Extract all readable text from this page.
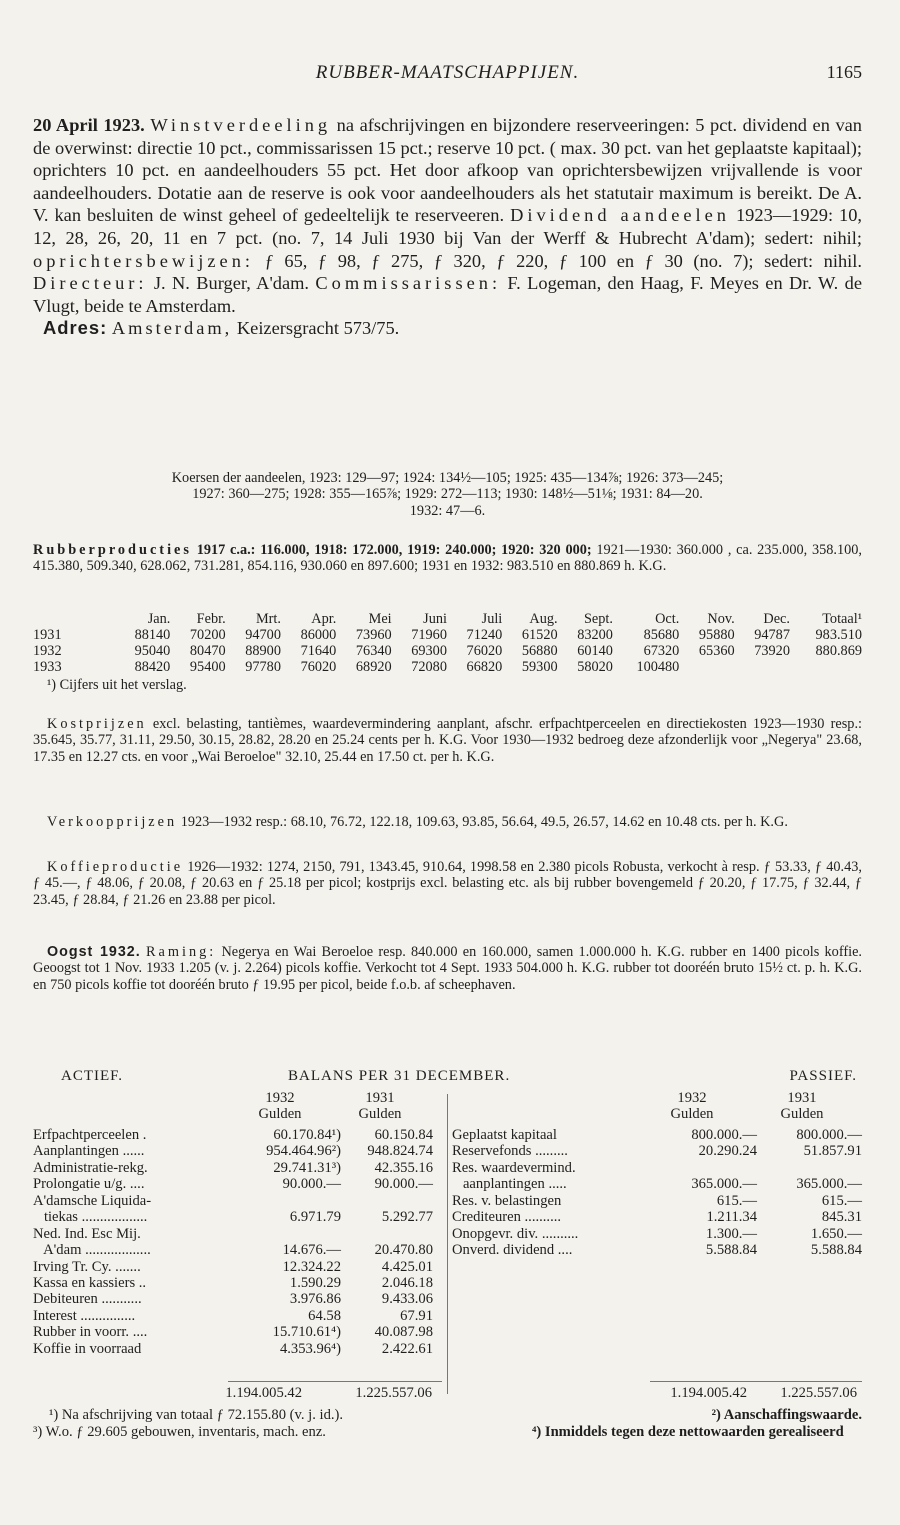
RUBBER-MAATSCHAPPIJEN.	1165

20 April 1923. Winstverdeeling na afschrijvingen en bijzondere reserveeringen: 5 pct. dividend en van de overwinst: directie 10 pct., commissarissen 15 pct.; reserve 10 pct. ( max. 30 pct. van het geplaatste kapitaal); oprichters 10 pct. en aandeelhouders 55 pct. Het door afkoop van oprichtersbewijzen vrijvallende is voor aandeelhouders. Dotatie aan de reserve is ook voor aandeelhouders als het statutair maximum is bereikt. De A. V. kan besluiten de winst geheel of gedeeltelijk te reserveeren. Dividend aandeelen 1923—1929: 10, 12, 28, 26, 20, 11 en 7 pct. (no. 7, 14 Juli 1930 bij Van der Werff & Hubrecht A'dam); sedert: nihil; oprichtersbewijzen: ƒ 65, ƒ 98, ƒ 275, ƒ 320, ƒ 220, ƒ 100 en ƒ 30 (no. 7); sedert: nihil. Directeur: J. N. Burger, A'dam. Commissarissen: F. Logeman, den Haag, F. Meyes en Dr. W. de Vlugt, beide te Amsterdam.

Adres: Amsterdam, Keizersgracht 573/75.

Koersen der aandeelen, 1923: 129—97; 1924: 134½—105; 1925: 435—134⅞; 1926: 373—245;
1927: 360—275; 1928: 355—165⅞; 1929: 272—113; 1930: 148½—51⅛; 1931: 84—20.
1932: 47—6.
Rubberproducties 1917 c.a.: 116.000, 1918: 172.000, 1919: 240.000; 1920: 320 000; 1921—1930: 360.000 , ca. 235.000, 358.100, 415.380, 509.340, 628.062, 731.281, 854.116, 930.060 en 897.600; 1931 en 1932: 983.510 en 880.869 h. K.G.
	Jan.	Febr.	Mrt.	Apr.	Mei	Juni	Juli	Aug.	Sept.	Oct.	Nov.	Dec.	Totaal¹
1931	88140	70200	94700	86000	73960	71960	71240	61520	83200	85680	95880	94787	983.510
1932	95040	80470	88900	71640	76340	69300	76020	56880	60140	67320	65360	73920	880.869
1933	88420	95400	97780	76020	68920	72080	66820	59300	58020	100480			
¹) Cijfers uit het verslag.
Kostprijzen excl. belasting, tantièmes, waardevermindering aanplant, afschr. erfpachtperceelen en directiekosten 1923—1930 resp.: 35.645, 35.77, 31.11, 29.50, 30.15, 28.82, 28.20 en 25.24 cents per h. K.G. Voor 1930—1932 bedroeg deze afzonderlijk voor „Negerya" 23.68, 17.35 en 12.27 cts. en voor „Wai Beroeloe" 32.10, 25.44 en 17.50 ct. per h. K.G.
Verkoopprijzen 1923—1932 resp.: 68.10, 76.72, 122.18, 109.63, 93.85, 56.64, 49.5, 26.57, 14.62 en 10.48 cts. per h. K.G.
Koffieproductie 1926—1932: 1274, 2150, 791, 1343.45, 910.64, 1998.58 en 2.380 picols Robusta, verkocht à resp. ƒ 53.33, ƒ 40.43, ƒ 45.—, ƒ 48.06, ƒ 20.08, ƒ 20.63 en ƒ 25.18 per picol; kostprijs excl. belasting etc. als bij rubber bovengemeld ƒ 20.20, ƒ 17.75, ƒ 32.44, ƒ 23.45, ƒ 28.84, ƒ 21.26 en 23.88 per picol.
Oogst 1932. Raming: Negerya en Wai Beroeloe resp. 840.000 en 160.000, samen 1.000.000 h. K.G. rubber en 1400 picols koffie. Geoogst tot 1 Nov. 1933 1.205 (v. j. 2.264) picols koffie. Verkocht tot 4 Sept. 1933 504.000 h. K.G. rubber tot dooréén bruto 15½ ct. p. h. K.G. en 750 picols koffie tot dooréén bruto ƒ 19.95 per picol, beide f.o.b. af scheephaven.
ACTIEF.	BALANS PER 31 DECEMBER.	PASSIEF.
1932	1931	1932	1931
Gulden	Gulden	Gulden	Gulden
Erfpachtperceelen .	60.170.84¹) 60.150.84
Aanplantingen ......	954.464.96²) 948.824.74
Administratie-rekg.	29.741.31³) 42.355.16
Prolongatie u/g. ....	90.000.— 90.000.—
A'damsche Liquida-
tiekas ..................	6.971.79	5.292.77
Ned. Ind. Esc Mij.
A'dam ..................	14.676.— 20.470.80
Irving Tr. Cy. .......	12.324.22	4.425.01
Kassa en kassiers ..	1.590.29	2.046.18
Debiteuren ...........	3.976.86	9.433.06
Interest ...............	64.58	67.91
Rubber in voorr. ....	15.710.61⁴) 40.087.98
Koffie in voorraad	4.353.96⁴)	2.422.61
Geplaatst kapitaal	800.000.—	800.000.—
Reservefonds .........	20.290.24	51.857.91
Res. waardevermind.
aanplantingen .....	365.000.—	365.000.—
Res. v. belastingen	615.—	615.—
Crediteuren ..........	1.211.34	845.31
Onopgevr. div. ..........	1.300.—	1.650.—
Onverd. dividend ....	5.588.84	5.588.84
1.194.005.42	1.225.557.06	1.194.005.42	1.225.557.06
¹) Na afschrijving van totaal ƒ 72.155.80 (v. j. id.).	²) Aanschaffingswaarde.
³) W.o. ƒ 29.605 gebouwen, inventaris, mach. enz.	⁴) Inmiddels tegen deze nettowaarden gerealiseerd
